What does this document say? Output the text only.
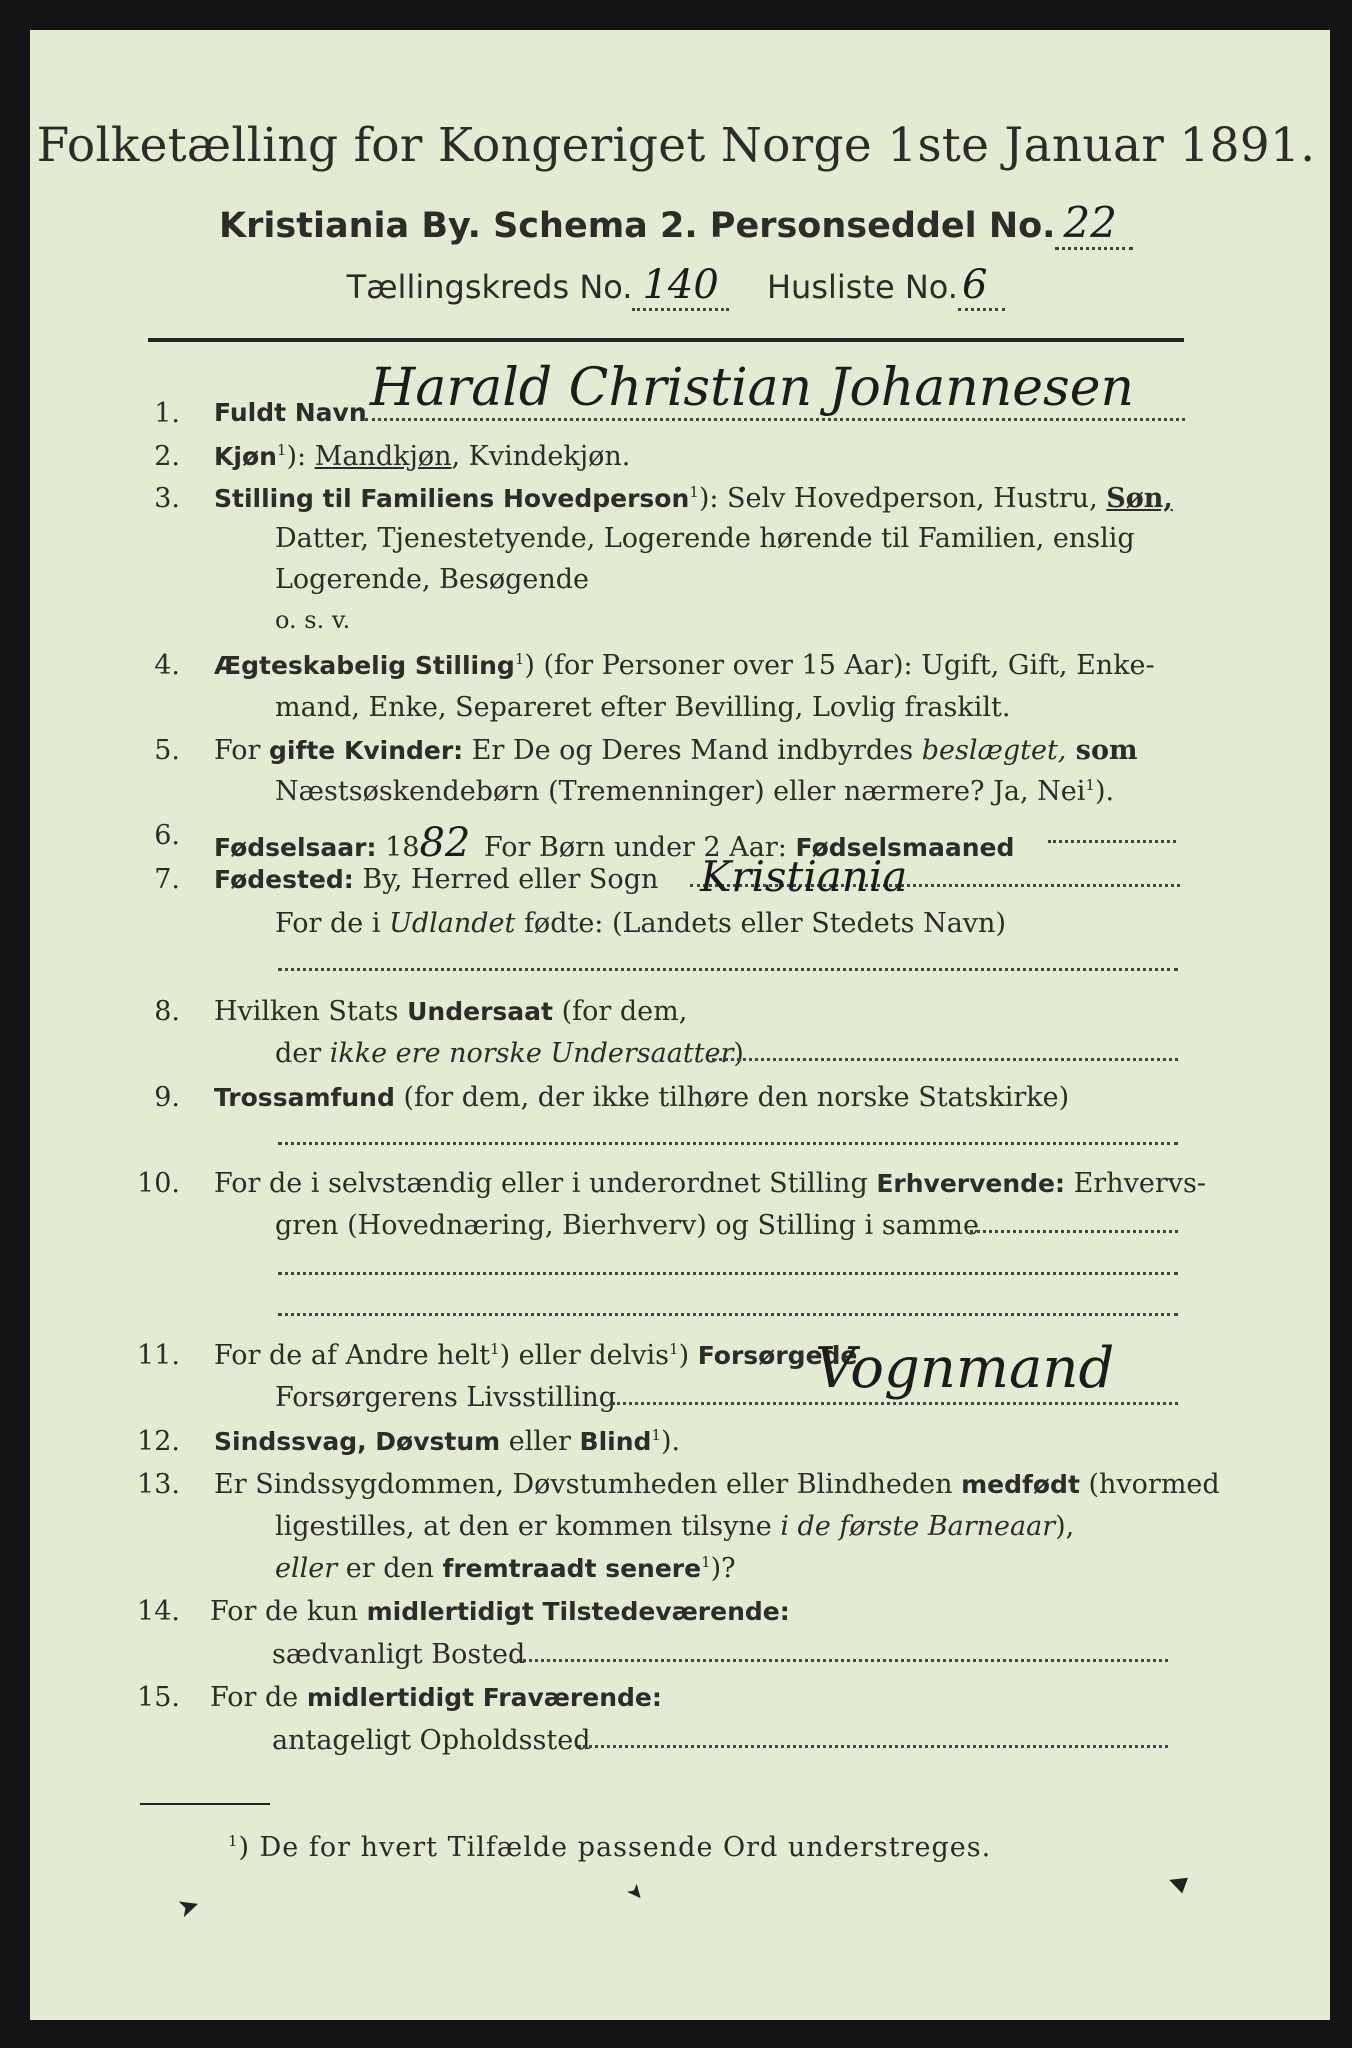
Folketælling for Kongeriget Norge 1ste Januar 1891.
Kristiania By. Schema 2. Personseddel No. 22
Tællingskreds No. 140 Husliste No. 6
1. Fuldt Navn Harald Christian Johannesen
2. Kjøn$^1$): Mandkjøn, Kvindekjøn.
3. Stilling til Familiens Hovedperson$^1$): Selv Hovedperson, Hustru, Søn,
Datter, Tjenestetyende, Logerende hørende til Familien, enslig
Logerende, Besøgende
o. s. v.
4. Ægteskabelig Stilling$^1$) (for Personer over 15 Aar): Ugift, Gift, Enke-
mand, Enke, Separeret efter Bevilling, Lovlig fraskilt.
5. For gifte Kvinder: Er De og Deres Mand indbyrdes beslægtet, som
Næstsøskendebørn (Tremenninger) eller nærmere? Ja, Nei$^1$).
6. Fødselsaar: 1882 For Børn under 2 Aar: Fødselsmaaned
7. Fødested: By, Herred eller Sogn Kristiania
For de i Udlandet fødte: (Landets eller Stedets Navn)
8. Hvilken Stats Undersaat (for dem,
der ikke ere norske Undersaatter)
9. Trossamfund (for dem, der ikke tilhøre den norske Statskirke)
10. For de i selvstændig eller i underordnet Stilling Erhvervende: Erhvervs-
gren (Hovednæring, Bierhverv) og Stilling i samme
11. For de af Andre helt$^1$) eller delvis$^1$) Forsørgede
Forsørgerens Livsstilling	Vognmand
12. Sindssvag, Døvstum eller Blind$^1$).
13. Er Sindssygdommen, Døvstumheden eller Blindheden medfødt (hvormed
ligestilles, at den er kommen tilsyne i de første Barneaar),
eller er den fremtraadt senere$^1$)?
14. For de kun midlertidigt Tilstedeværende:
sædvanligt Bosted
15. For de midlertidigt Fraværende:
antageligt Opholdssted
$^1$) De for hvert Tilfælde passende Ord understreges.
➤	➤	▲
